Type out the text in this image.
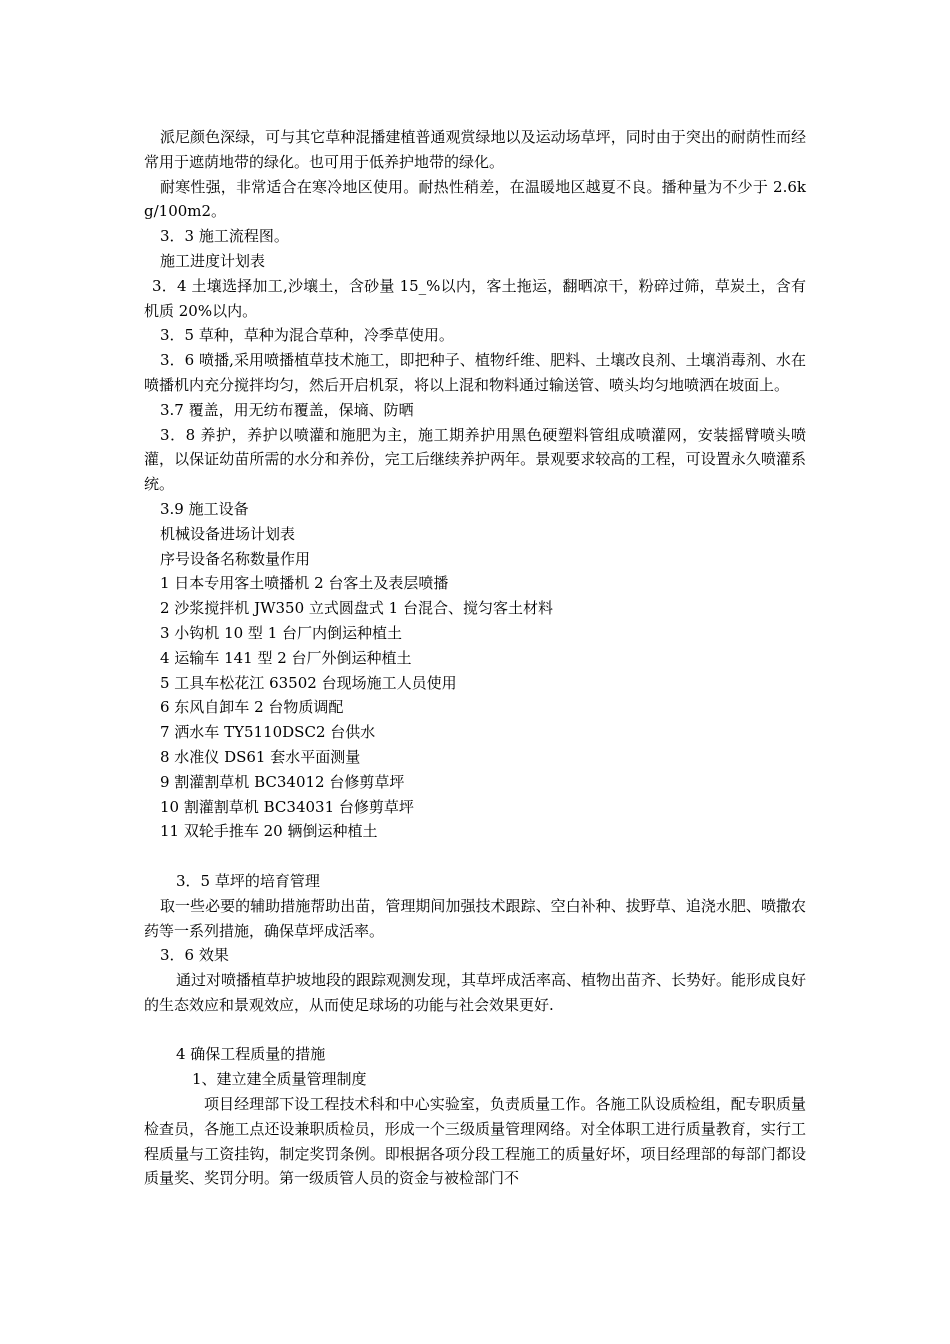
派尼颜色深绿，可与其它草种混播建植普通观赏绿地以及运动场草坪，同时由于突出的耐荫性而经常用于遮荫地带的绿化。也可用于低养护地带的绿化。

耐寒性强，非常适合在寒冷地区使用。耐热性稍差，在温暖地区越夏不良。播种量为不少于 2.6kg/100m2。

3．3 施工流程图。

施工进度计划表

3．4 土壤选择加工,沙壤土，含砂量 15_%以内，客土拖运，翻晒凉干，粉碎过筛，草炭土，含有机质 20%以内。

3．5 草种，草种为混合草种，冷季草使用。

3．6 喷播,采用喷播植草技术施工，即把种子、植物纤维、肥料、土壤改良剂、土壤消毒剂、水在喷播机内充分搅拌均匀，然后开启机泵，将以上混和物料通过输送管、喷头均匀地喷洒在坡面上。

3.7 覆盖，用无纺布覆盖，保墒、防晒

3．8 养护，养护以喷灌和施肥为主，施工期养护用黑色硬塑料管组成喷灌网，安装摇臂喷头喷灌，以保证幼苗所需的水分和养份，完工后继续养护两年。景观要求较高的工程，可设置永久喷灌系统。

3.9 施工设备

机械设备进场计划表

序号设备名称数量作用

1 日本专用客土喷播机 2 台客土及表层喷播

2 沙浆搅拌机 JW350 立式圆盘式 1 台混合、搅匀客土材料

3 小钩机 10 型 1 台厂内倒运种植土

4 运输车 141 型 2 台厂外倒运种植土

5 工具车松花江 63502 台现场施工人员使用

6 东风自卸车 2 台物质调配

7 洒水车 TY5110DSC2 台供水

8 水准仪 DS61 套水平面测量

9 割灌割草机 BC34012 台修剪草坪

10 割灌割草机 BC34031 台修剪草坪

11 双轮手推车 20 辆倒运种植土

3．5 草坪的培育管理

取一些必要的辅助措施帮助出苗，管理期间加强技术跟踪、空白补种、拔野草、追浇水肥、喷撒农药等一系列措施，确保草坪成活率。

3．6 效果

通过对喷播植草护坡地段的跟踪观测发现，其草坪成活率高、植物出苗齐、长势好。能形成良好的生态效应和景观效应，从而使足球场的功能与社会效果更好.

4 确保工程质量的措施

1、建立建全质量管理制度

项目经理部下设工程技术科和中心实验室，负责质量工作。各施工队设质检组，配专职质量检查员，各施工点还设兼职质检员，形成一个三级质量管理网络。对全体职工进行质量教育，实行工程质量与工资挂钩，制定奖罚条例。即根据各项分段工程施工的质量好坏，项目经理部的每部门都设质量奖、奖罚分明。第一级质管人员的资金与被检部门不
